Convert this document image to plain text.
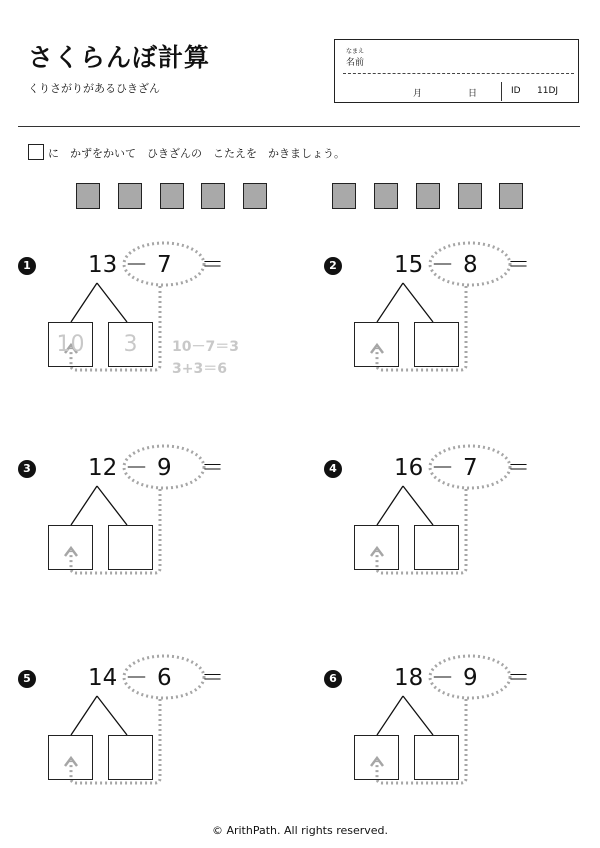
さくらんぼ計算
くりさがりがあるひきざん
なまえ
名前
月	日	ID 11DJ
に　かずをかいて　ひきざんの　こたえを　かきましょう。
1 13 － 7 ＝
10	3	10－7＝3
3+3＝6
2 15 － 8 ＝
3 12 － 9 ＝	4 16 － 7 ＝
5 14 － 6 ＝	6 18 － 9 ＝
© ArithPath. All rights reserved.
